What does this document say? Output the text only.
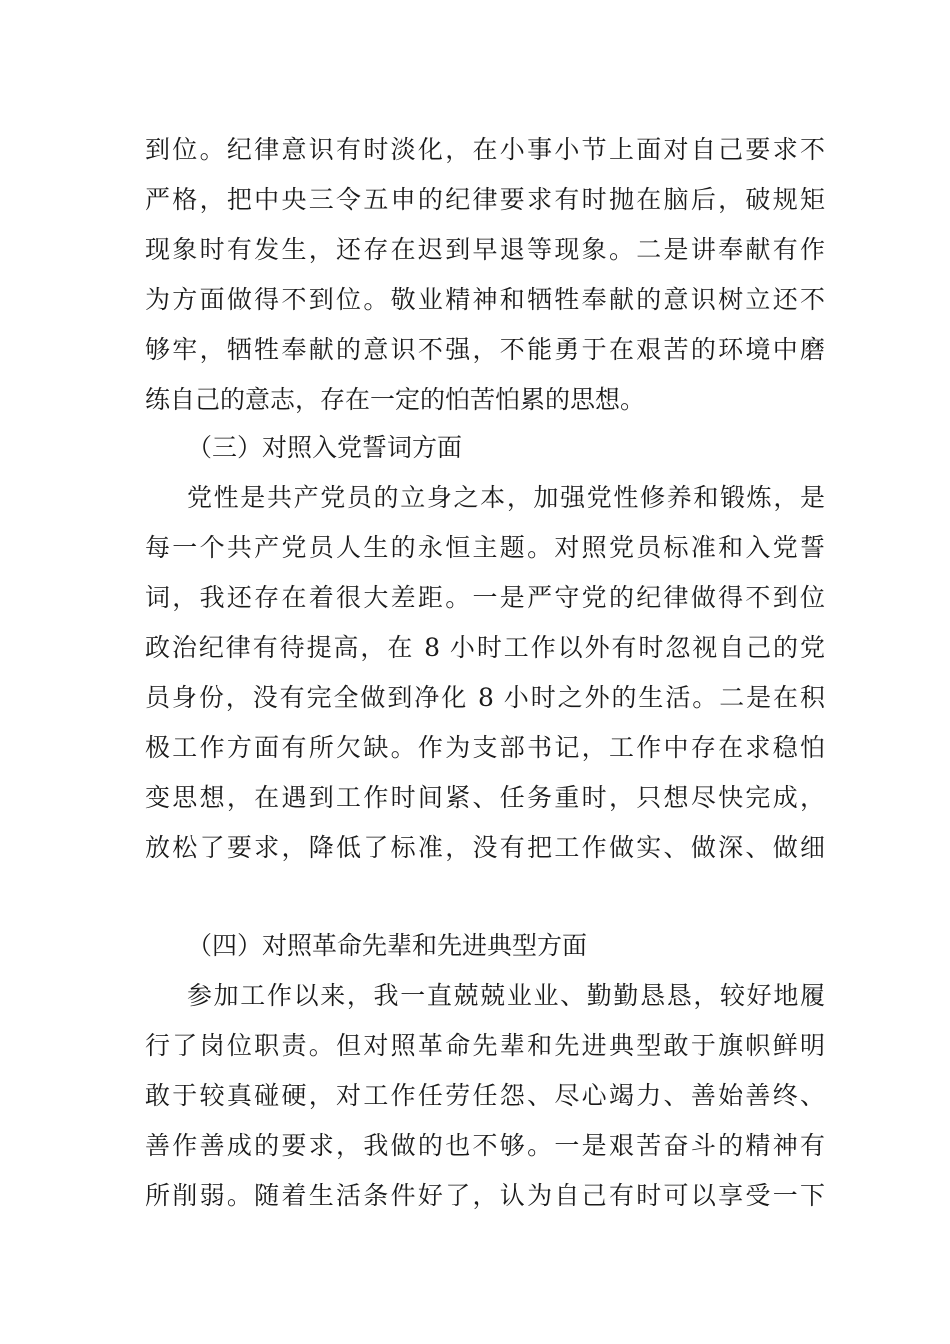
到位。纪律意识有时淡化，在小事小节上面对自己要求不
严格，把中央三令五申的纪律要求有时抛在脑后，破规矩
现象时有发生，还存在迟到早退等现象。二是讲奉献有作
为方面做得不到位。敬业精神和牺牲奉献的意识树立还不
够牢，牺牲奉献的意识不强，不能勇于在艰苦的环境中磨
练自己的意志，存在一定的怕苦怕累的思想。
（三）对照入党誓词方面
党性是共产党员的立身之本，加强党性修养和锻炼，是
每一个共产党员人生的永恒主题。对照党员标准和入党誓
词，我还存在着很大差距。一是严守党的纪律做得不到位
政治纪律有待提高，在 8 小时工作以外有时忽视自己的党
员身份，没有完全做到净化 8 小时之外的生活。二是在积
极工作方面有所欠缺。作为支部书记，工作中存在求稳怕
变思想，在遇到工作时间紧、任务重时，只想尽快完成，
放松了要求，降低了标准，没有把工作做实、做深、做细
（四）对照革命先辈和先进典型方面
参加工作以来，我一直兢兢业业、勤勤恳恳，较好地履
行了岗位职责。但对照革命先辈和先进典型敢于旗帜鲜明
敢于较真碰硬，对工作任劳任怨、尽心竭力、善始善终、
善作善成的要求，我做的也不够。一是艰苦奋斗的精神有
所削弱。随着生活条件好了，认为自己有时可以享受一下
